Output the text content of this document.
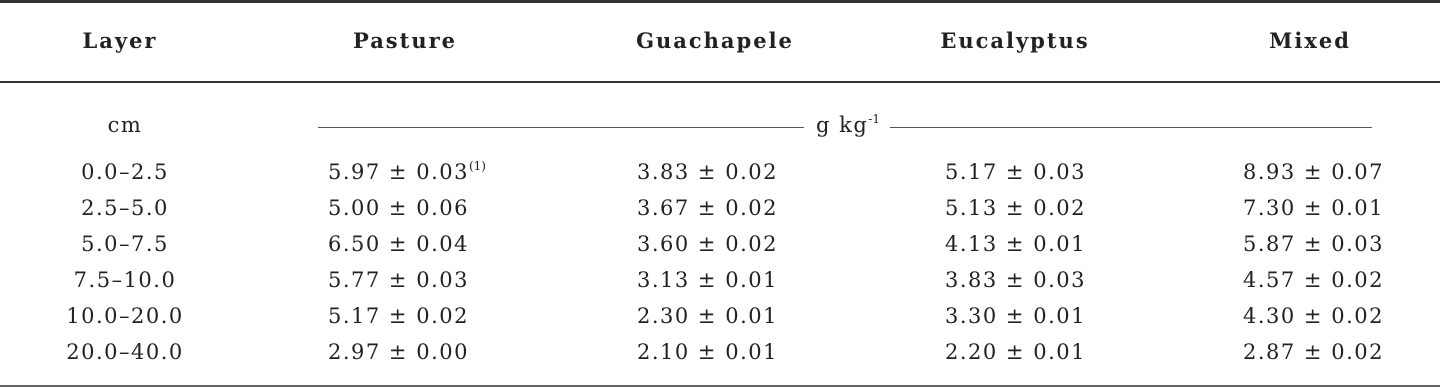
Layer	Pasture	Guachapele	Eucalyptus	Mixed
cm	g $kg^{-1}$
0.0–2.5	$5.97 \pm 0.03^{(1)}$	3.83 ± 0.02	5.17 ± 0.03	8.93 ± 0.07
2.5–5.0	5.00 ± 0.06	3.67 ± 0.02	5.13 ± 0.02	7.30 ± 0.01
5.0–7.5	6.50 ± 0.04	3.60 ± 0.02	4.13 ± 0.01	5.87 ± 0.03
7.5–10.0	5.77 ± 0.03	3.13 ± 0.01	3.83 ± 0.03	4.57 ± 0.02
10.0–20.0	5.17 ± 0.02	2.30 ± 0.01	3.30 ± 0.01	4.30 ± 0.02
20.0–40.0	2.97 ± 0.00	2.10 ± 0.01	2.20 ± 0.01	2.87 ± 0.02
